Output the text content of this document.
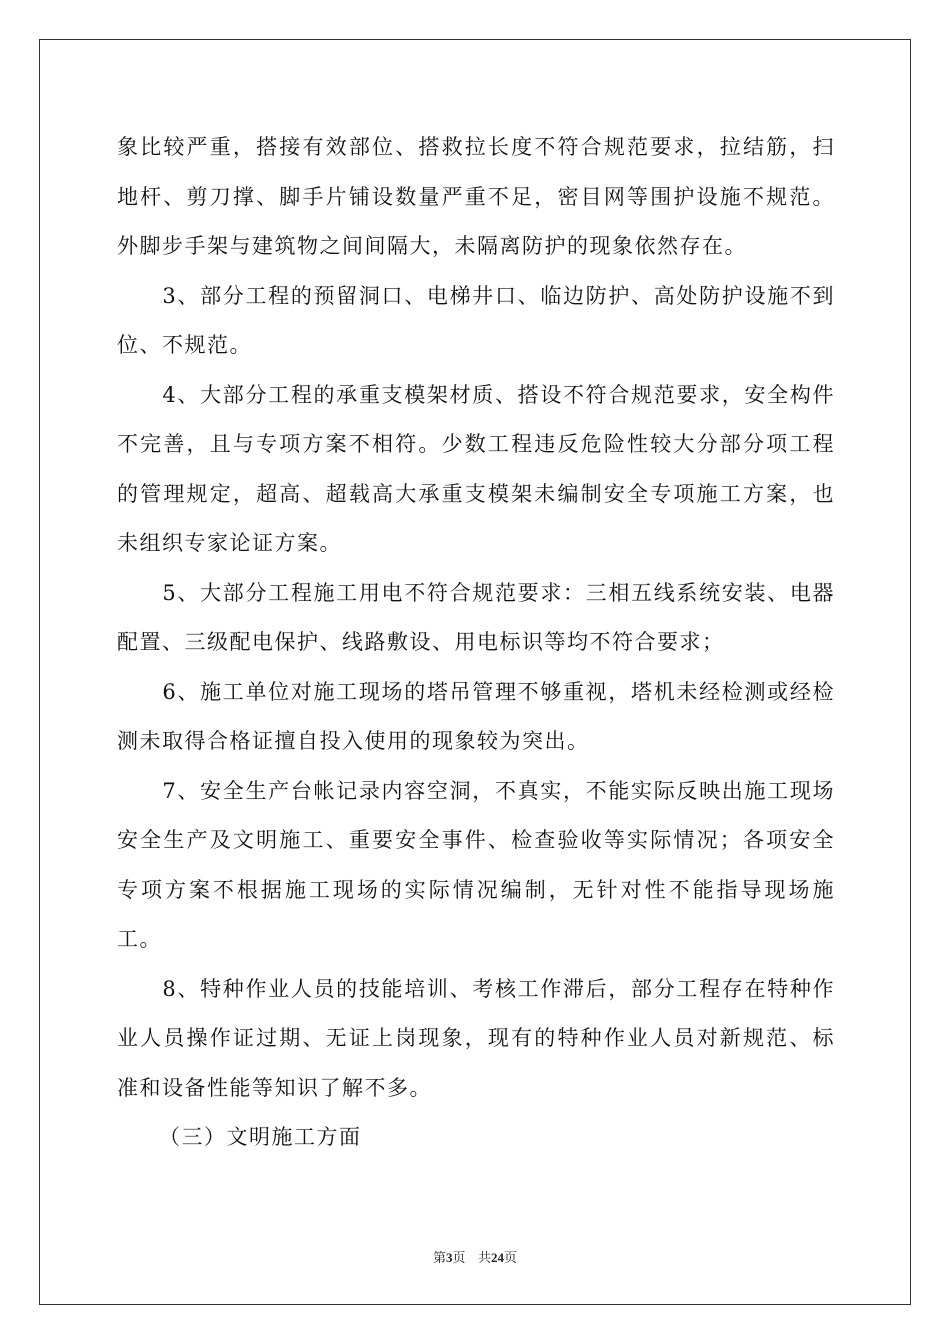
象比较严重，搭接有效部位、搭救拉长度不符合规范要求，拉结筋，扫地杆、剪刀撑、脚手片铺设数量严重不足，密目网等围护设施不规范。外脚步手架与建筑物之间间隔大，未隔离防护的现象依然存在。

　　3、部分工程的预留洞口、电梯井口、临边防护、高处防护设施不到位、不规范。

　　4、大部分工程的承重支模架材质、搭设不符合规范要求，安全构件不完善，且与专项方案不相符。少数工程违反危险性较大分部分项工程的管理规定，超高、超载高大承重支模架未编制安全专项施工方案，也未组织专家论证方案。

　　5、大部分工程施工用电不符合规范要求：三相五线系统安装、电器配置、三级配电保护、线路敷设、用电标识等均不符合要求；

　　6、施工单位对施工现场的塔吊管理不够重视，塔机未经检测或经检测未取得合格证擅自投入使用的现象较为突出。

　　7、安全生产台帐记录内容空洞，不真实，不能实际反映出施工现场安全生产及文明施工、重要安全事件、检查验收等实际情况；各项安全专项方案不根据施工现场的实际情况编制，无针对性不能指导现场施工。

　　8、特种作业人员的技能培训、考核工作滞后，部分工程存在特种作业人员操作证过期、无证上岗现象，现有的特种作业人员对新规范、标准和设备性能等知识了解不多。

（三）文明施工方面

第3页 共24页
